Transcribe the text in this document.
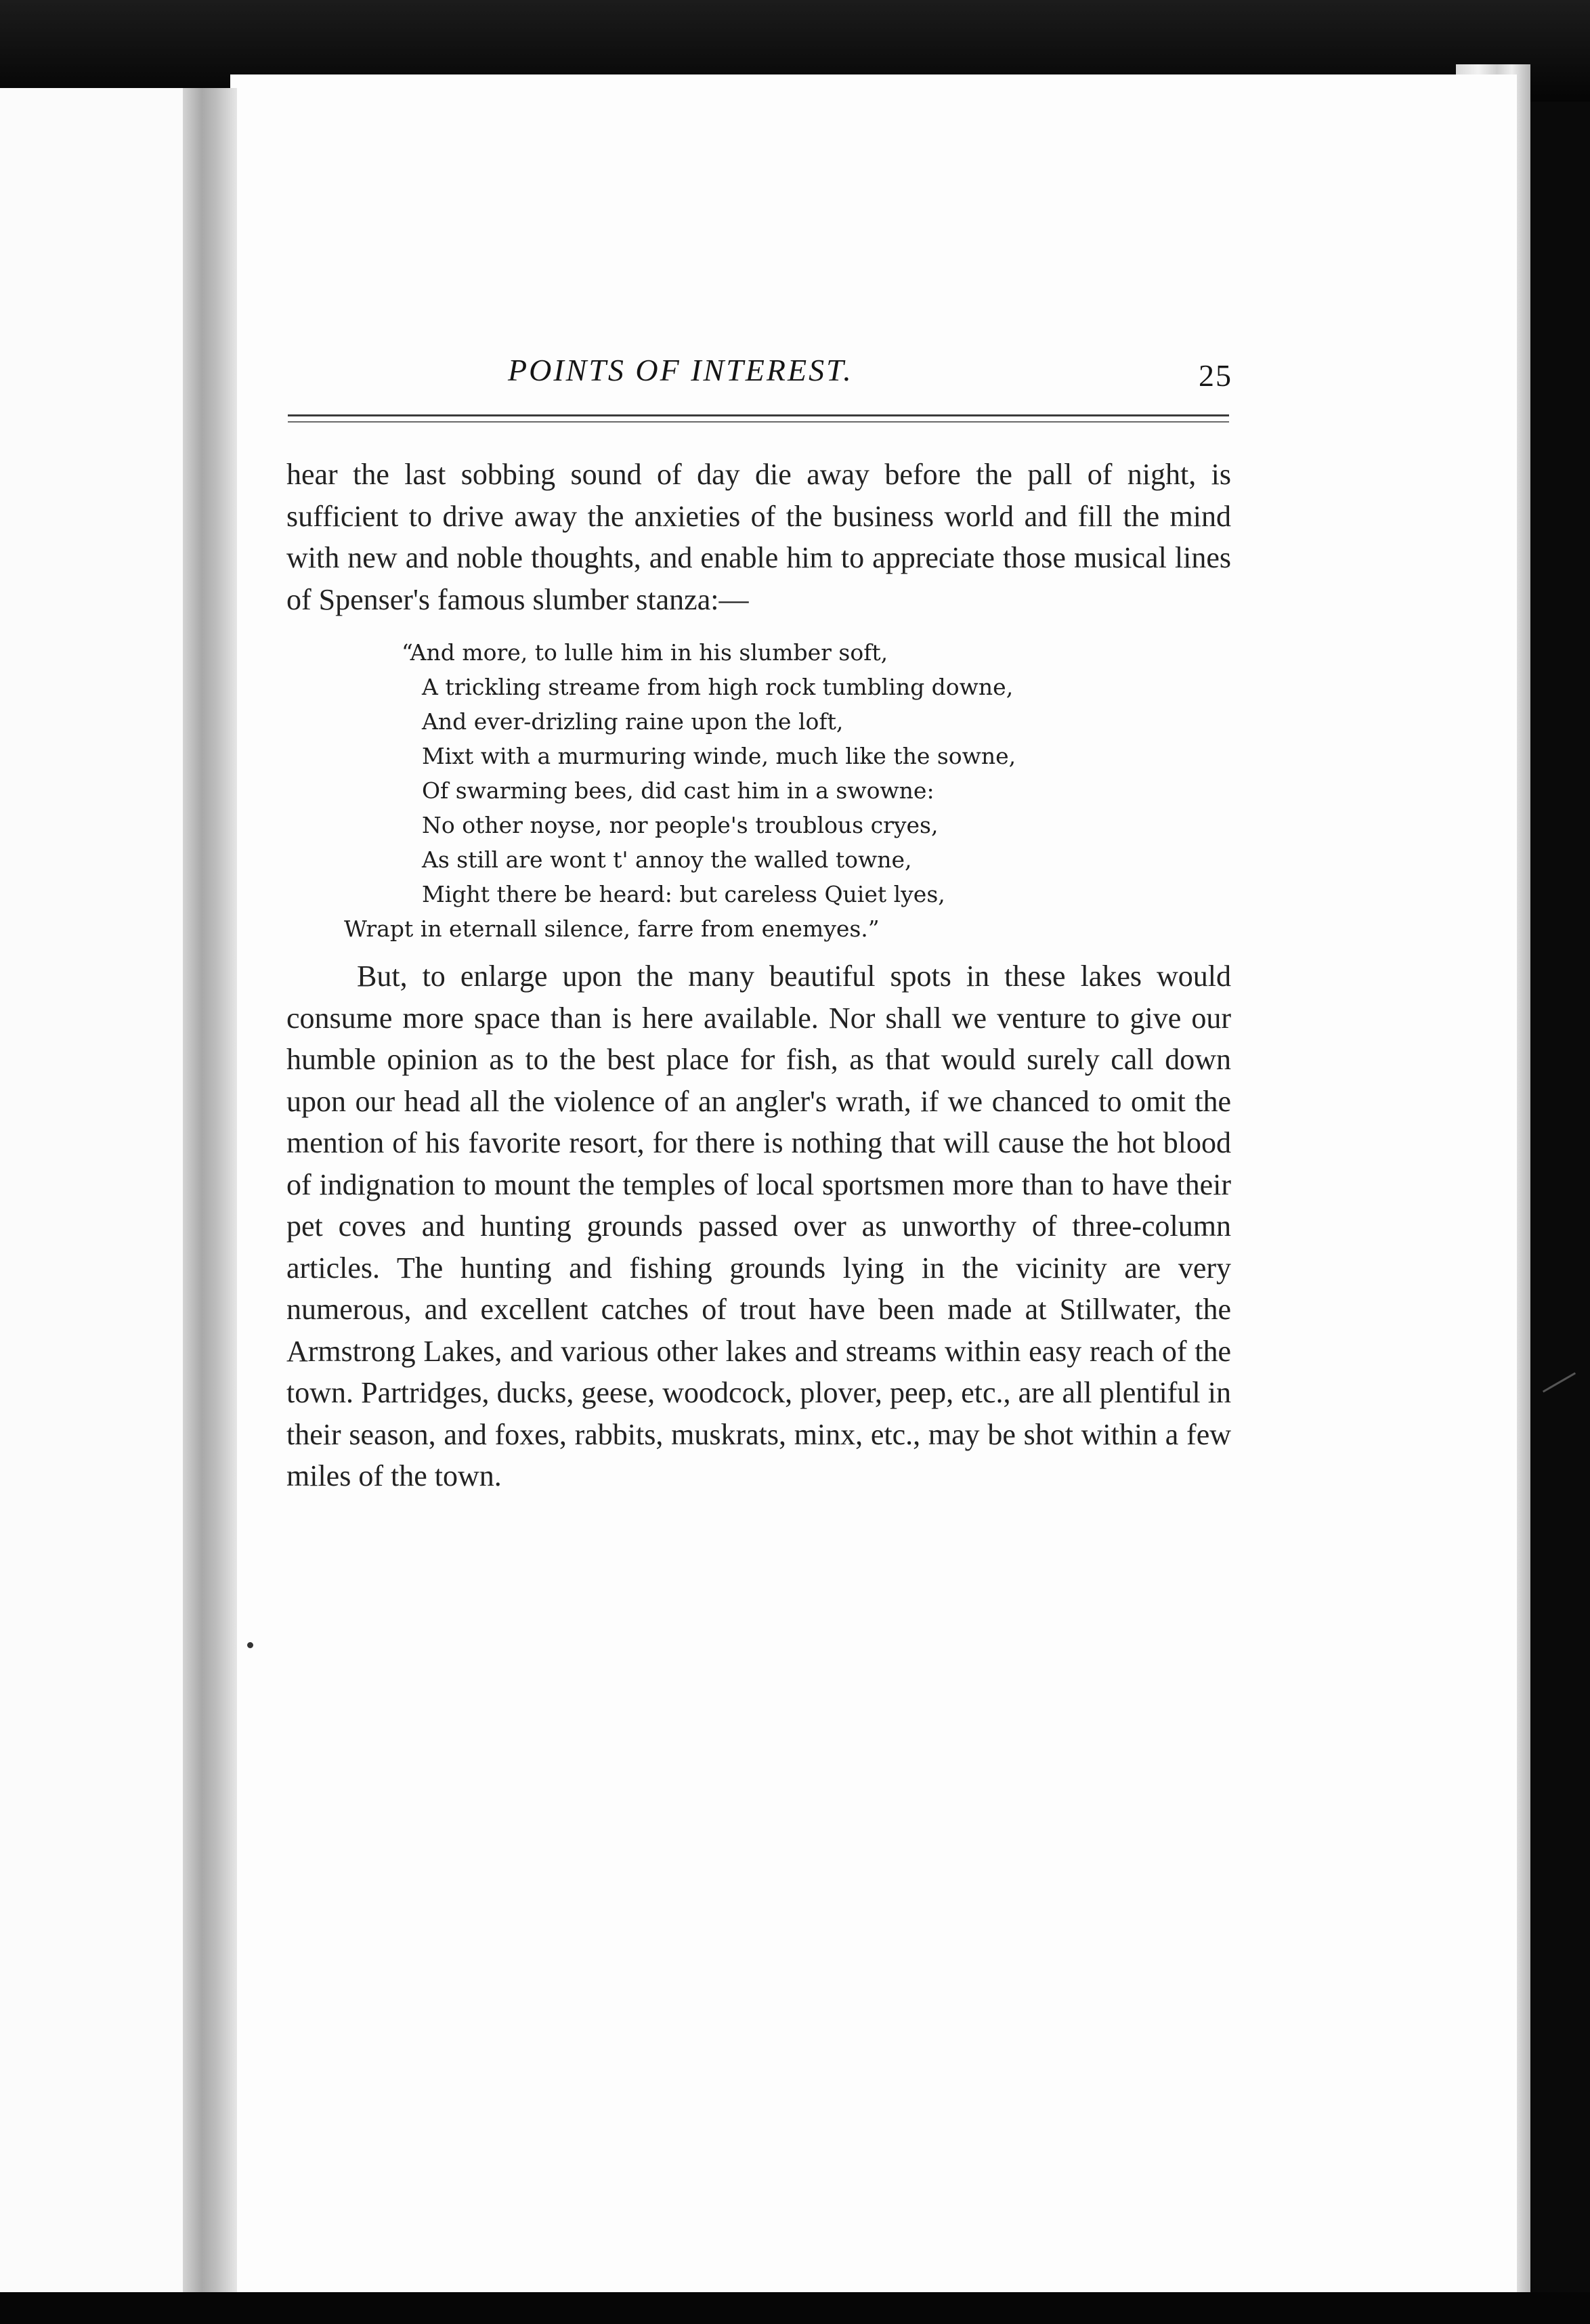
POINTS OF INTEREST.	25

hear the last sobbing sound of day die away before the pall of night, is sufficient to drive away the anxieties of the business world and fill the mind with new and noble thoughts, and enable him to appreciate those musical lines of Spenser's famous slumber stanza:—

“And more, to lulle him in his slumber soft,
A trickling streame from high rock tumbling downe,
And ever-drizling raine upon the loft,
Mixt with a murmuring winde, much like the sowne,
Of swarming bees, did cast him in a swowne:
No other noyse, nor people's troublous cryes,
As still are wont t' annoy the walled towne,
Might there be heard: but careless Quiet lyes,
Wrapt in eternall silence, farre from enemyes.”

But, to enlarge upon the many beautiful spots in these lakes would consume more space than is here available. Nor shall we venture to give our humble opinion as to the best place for fish, as that would surely call down upon our head all the violence of an angler's wrath, if we chanced to omit the mention of his favorite resort, for there is nothing that will cause the hot blood of indignation to mount the temples of local sportsmen more than to have their pet coves and hunting grounds passed over as unworthy of three-column articles. The hunting and fishing grounds lying in the vicinity are very numerous, and excellent catches of trout have been made at Stillwater, the Armstrong Lakes, and various other lakes and streams within easy reach of the town. Partridges, ducks, geese, woodcock, plover, peep, etc., are all plentiful in their season, and foxes, rabbits, muskrats, minx, etc., may be shot within a few miles of the town.
